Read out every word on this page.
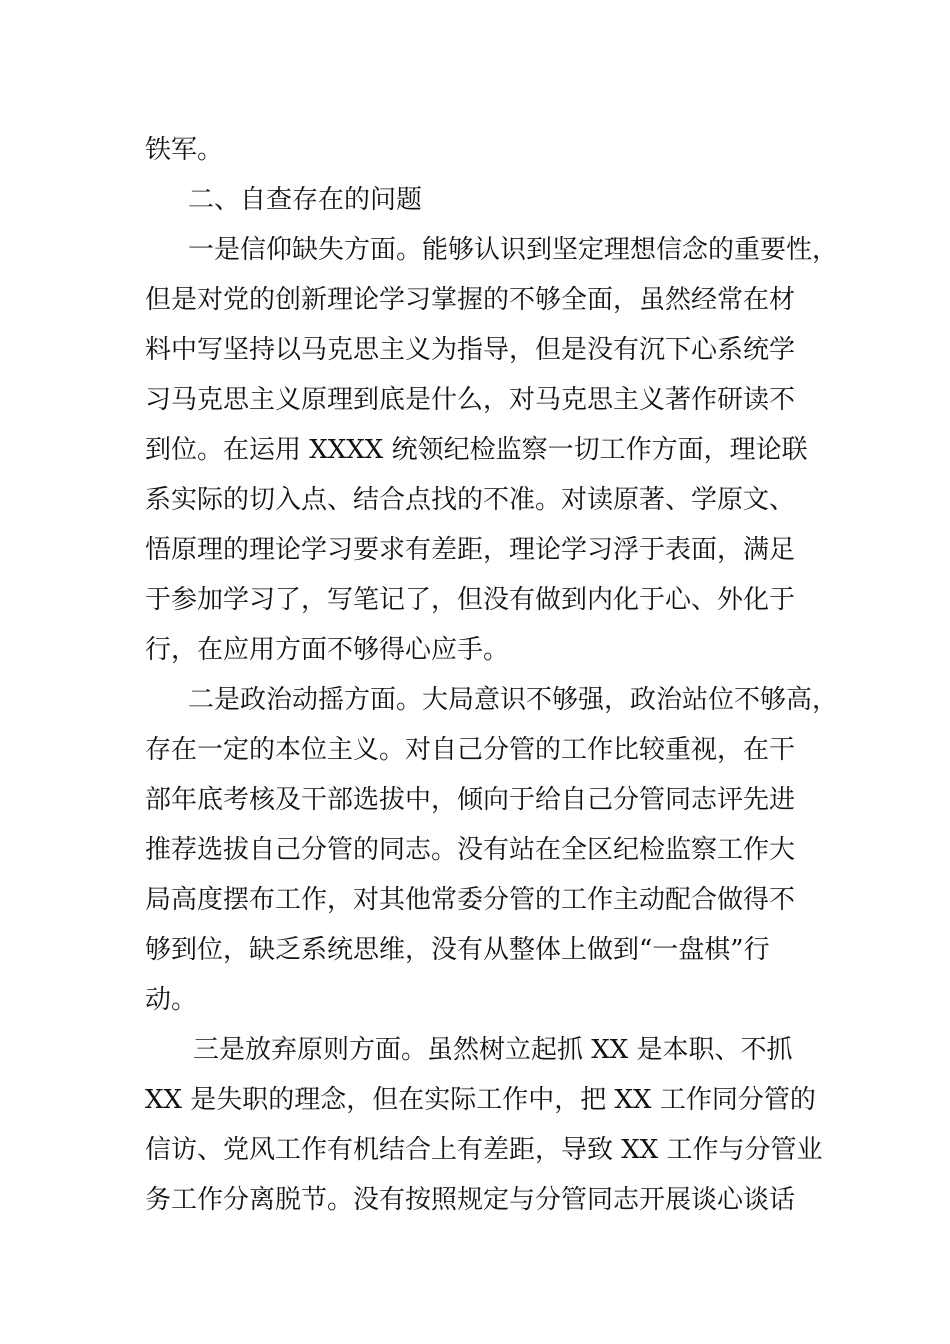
铁军。
二、自查存在的问题
一是信仰缺失方面。能够认识到坚定理想信念的重要性，
但是对党的创新理论学习掌握的不够全面，虽然经常在材
料中写坚持以马克思主义为指导，但是没有沉下心系统学
习马克思主义原理到底是什么，对马克思主义著作研读不
到位。在运用 XXXX 统领纪检监察一切工作方面，理论联
系实际的切入点、结合点找的不准。对读原著、学原文、
悟原理的理论学习要求有差距，理论学习浮于表面，满足
于参加学习了，写笔记了，但没有做到内化于心、外化于
行，在应用方面不够得心应手。
二是政治动摇方面。大局意识不够强，政治站位不够高，
存在一定的本位主义。对自己分管的工作比较重视，在干
部年底考核及干部选拔中，倾向于给自己分管同志评先进
推荐选拔自己分管的同志。没有站在全区纪检监察工作大
局高度摆布工作，对其他常委分管的工作主动配合做得不
够到位，缺乏系统思维，没有从整体上做到“一盘棋”行
动。
三是放弃原则方面。虽然树立起抓 XX 是本职、不抓
XX 是失职的理念，但在实际工作中，把 XX 工作同分管的
信访、党风工作有机结合上有差距，导致 XX 工作与分管业
务工作分离脱节。没有按照规定与分管同志开展谈心谈话
